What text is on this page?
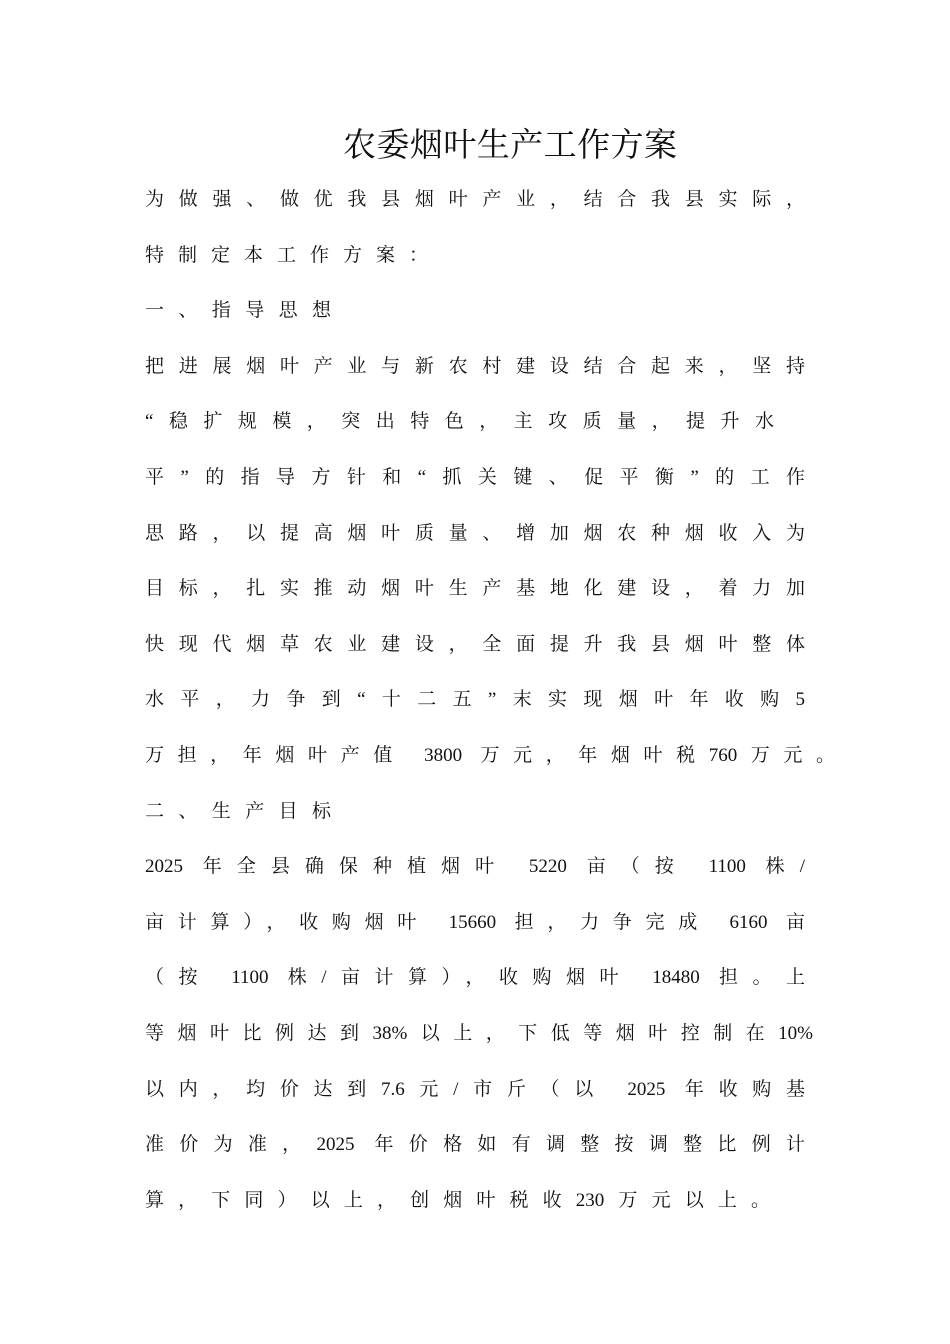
农委烟叶生产工作方案
为做强、做优我县烟叶产业，结合我县实际，
特制定本工作方案：
一、指导思想
把进展烟叶产业与新农村建设结合起来，坚持
“稳扩规模，突出特色，主攻质量，提升水
平”的指导方针和“抓关键、促平衡”的工作
思路，以提高烟叶质量、增加烟农种烟收入为
目标，扎实推动烟叶生产基地化建设，着力加
快现代烟草农业建设，全面提升我县烟叶整体
水平，力争到“十二五”末实现烟叶年收购5
万担，年烟叶产值 3800 万元，年烟叶税760万元。
二、生产目标
2025 年全县确保种植烟叶 5220 亩（按 1100 株/
亩计算），收购烟叶 15660 担，力争完成 6160 亩
（按 1100 株/亩计算），收购烟叶 18480 担。上
等烟叶比例达到38%以上，下低等烟叶控制在10%
以内，均价达到7.6元/市斤（以 2025 年收购基
准价为准，2025 年价格如有调整按调整比例计
算，下同）以上，创烟叶税收230万元以上。
